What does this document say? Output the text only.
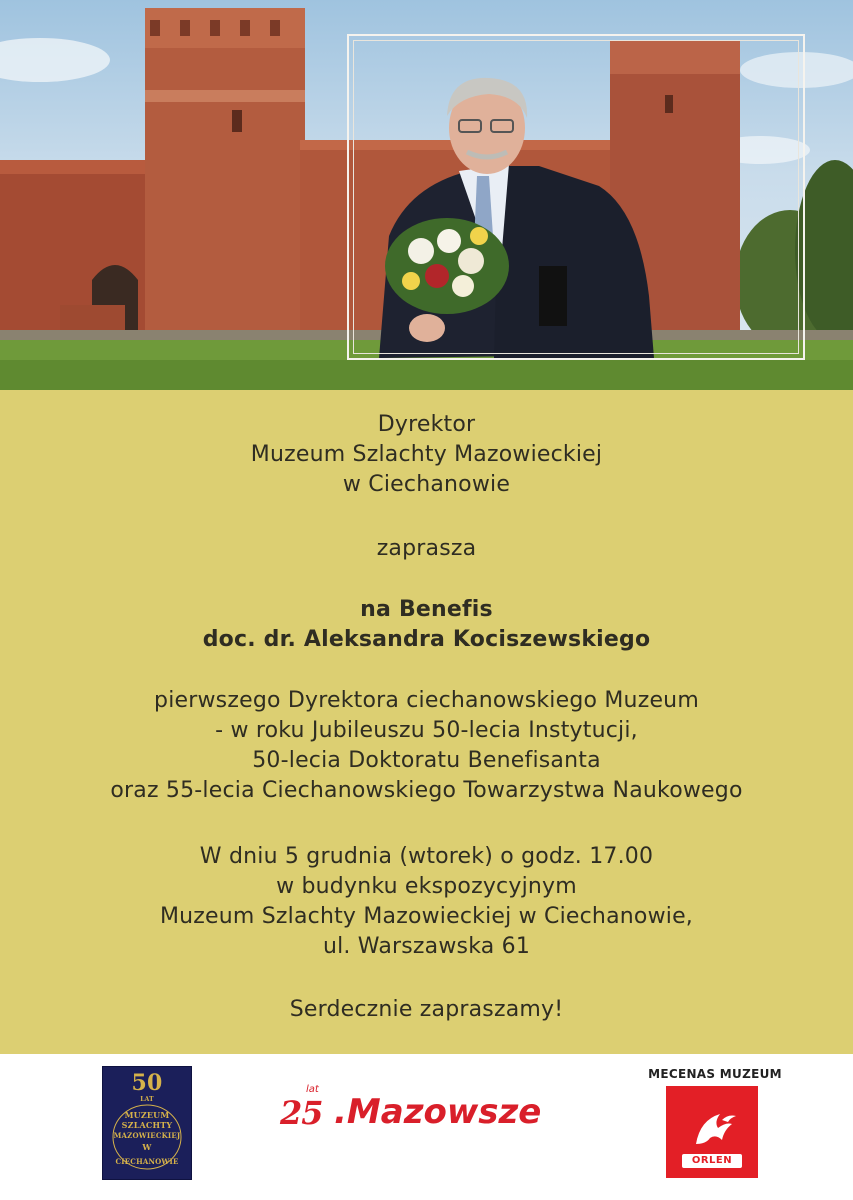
Dyrektor
Muzeum Szlachty Mazowieckiej
w Ciechanowie
zaprasza
na Benefis
doc. dr. Aleksandra Kociszewskiego
pierwszego Dyrektora ciechanowskiego Muzeum
- w roku Jubileuszu 50-lecia Instytucji,
50-lecia Doktoratu Benefisanta
oraz 55-lecia Ciechanowskiego Towarzystwa Naukowego
W dniu 5 grudnia (wtorek) o godz. 17.00
w budynku ekspozycyjnym
Muzeum Szlachty Mazowieckiej w Ciechanowie,
ul. Warszawska 61
Serdecznie zapraszamy!
50
LAT
MUZEUM
SZLACHTY
MAZOWIECKIEJ
W
CIECHANOWIE
lat
25 .Mazowsze
MECENAS MUZEUM
ORLEN
